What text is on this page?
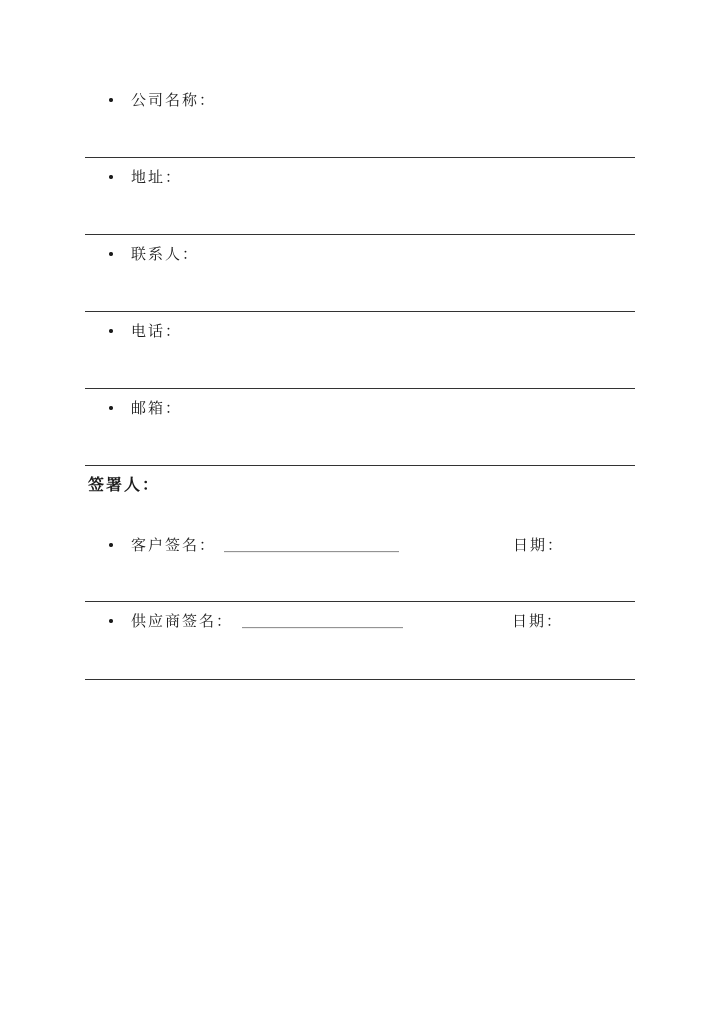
公司名称：
地址：
联系人：
电话：
邮箱：
签署人：
客户签名： _________________________	日期：
供应商签名： _______________________	日期：
